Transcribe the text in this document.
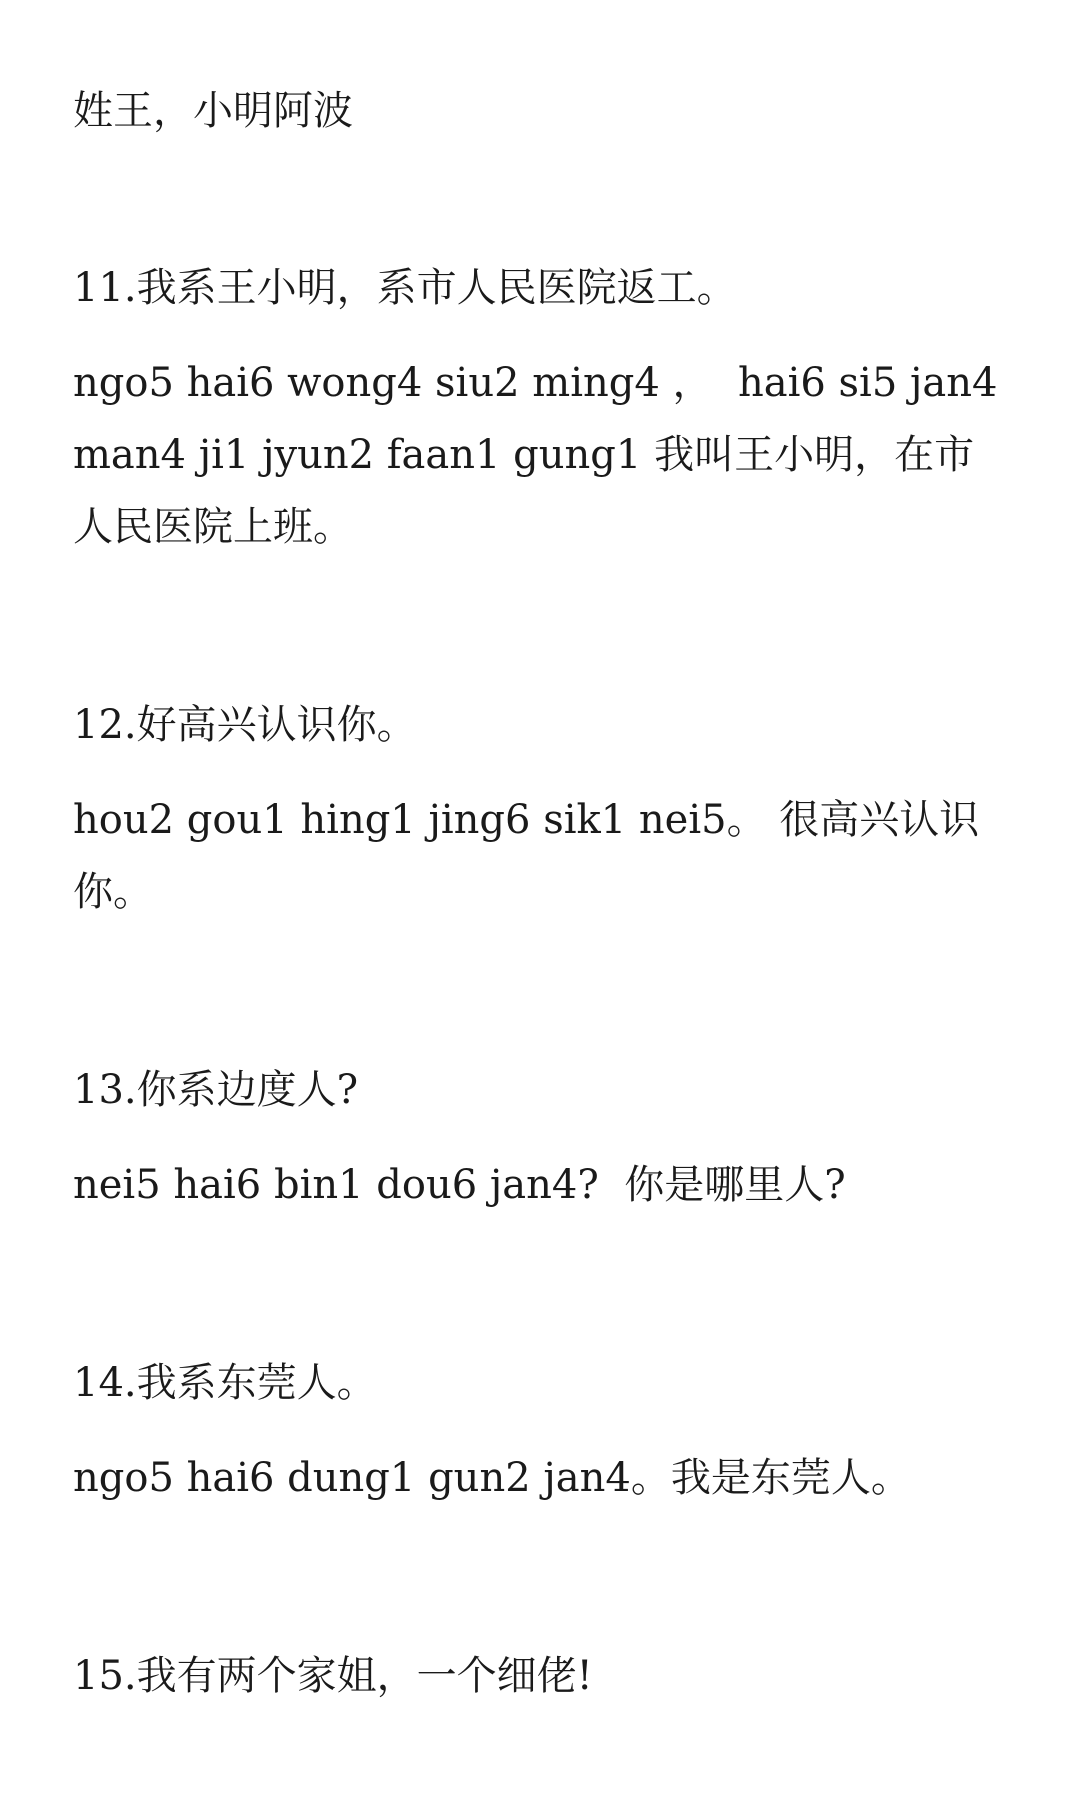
姓王，小明阿波
11.我系王小明，系市人民医院返工。
ngo5 hai6 wong4 siu2 ming4 ，  hai6 si5 jan4
man4 ji1 jyun2 faan1 gung1 我叫王小明，在市
人民医院上班。
12.好高兴认识你。
hou2 gou1 hing1 jing6 sik1 nei5。 很高兴认识
你。
13.你系边度人?
nei5 hai6 bin1 dou6 jan4?  你是哪里人?
14.我系东莞人。
ngo5 hai6 dung1 gun2 jan4。我是东莞人。
15.我有两个家姐，一个细佬!
